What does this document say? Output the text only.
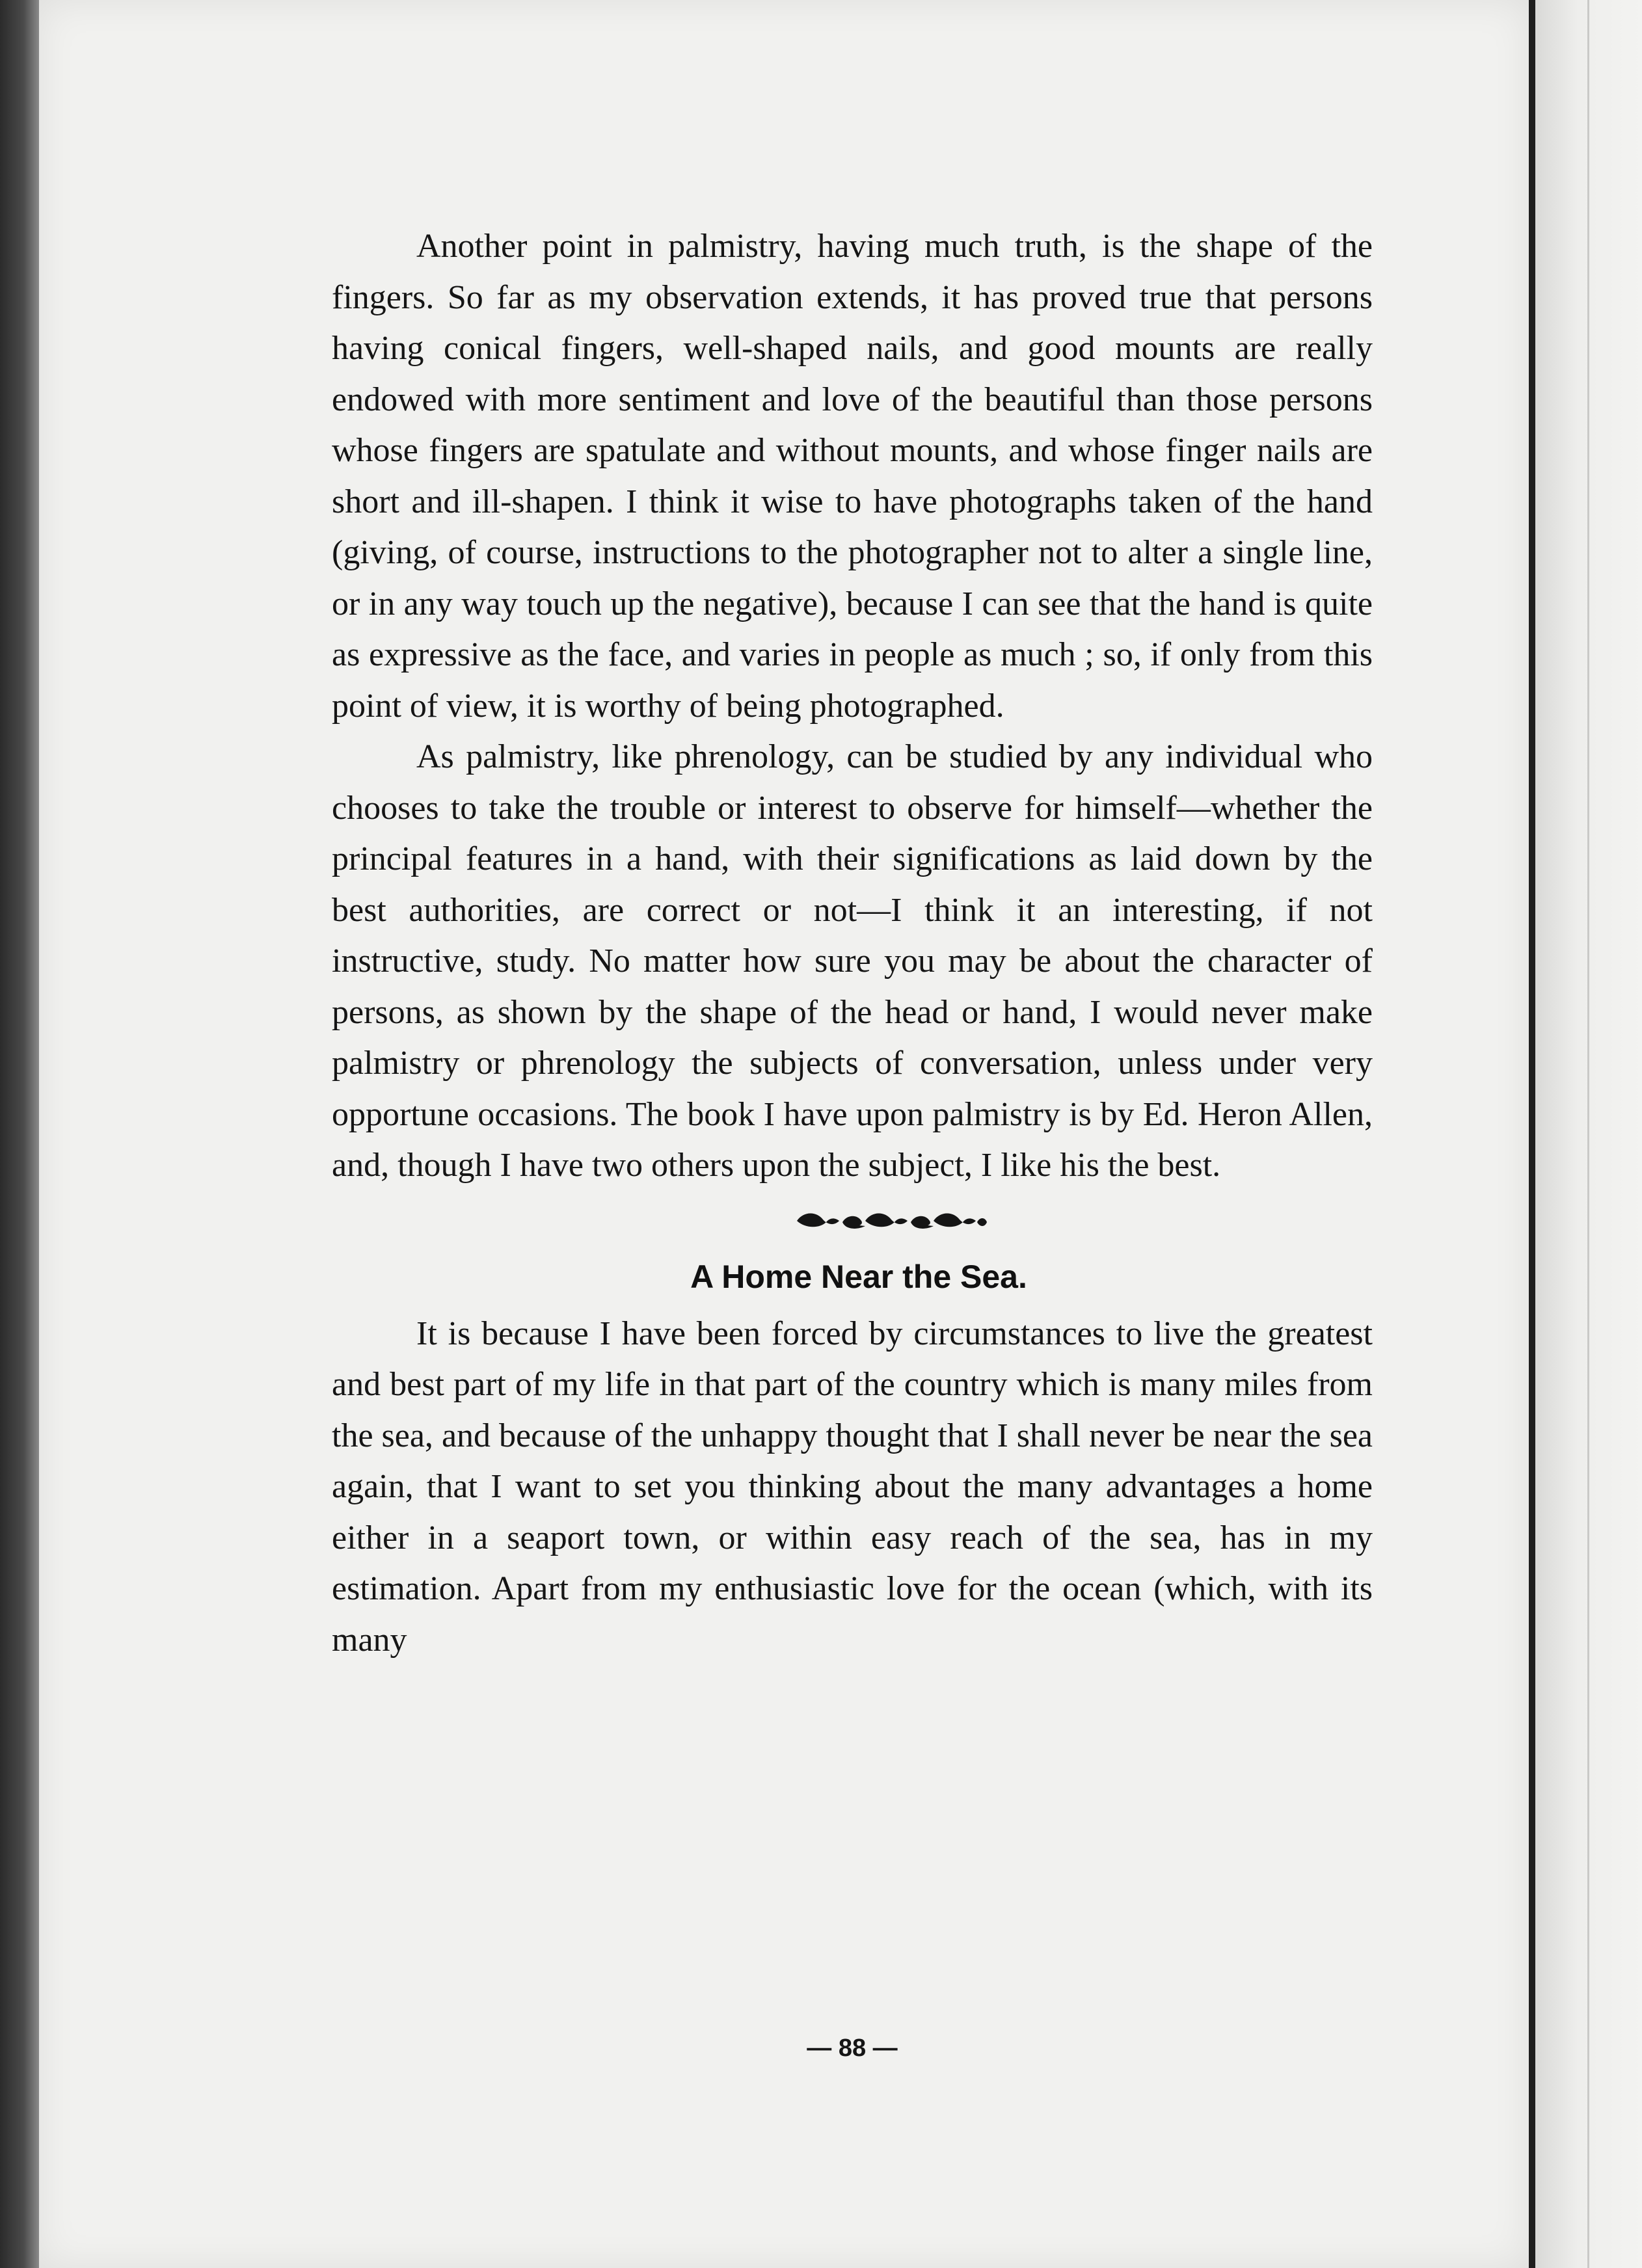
Another point in palmistry, having much truth, is the shape of the fingers. So far as my observation extends, it has proved true that persons having conical fingers, well-shaped nails, and good mounts are really endowed with more sentiment and love of the beautiful than those persons whose fingers are spatulate and without mounts, and whose finger nails are short and ill-shapen. I think it wise to have photographs taken of the hand (giving, of course, instructions to the photographer not to alter a single line, or in any way touch up the negative), because I can see that the hand is quite as expressive as the face, and varies in people as much ; so, if only from this point of view, it is worthy of being photographed.

As palmistry, like phrenology, can be studied by any individual who chooses to take the trouble or interest to observe for himself—whether the principal features in a hand, with their significations as laid down by the best authorities, are correct or not—I think it an interesting, if not instructive, study. No matter how sure you may be about the character of persons, as shown by the shape of the head or hand, I would never make palmistry or phrenology the subjects of conversation, unless under very opportune occasions. The book I have upon palmistry is by Ed. Heron Allen, and, though I have two others upon the subject, I like his the best.

A Home Near the Sea.

It is because I have been forced by circumstances to live the greatest and best part of my life in that part of the country which is many miles from the sea, and because of the unhappy thought that I shall never be near the sea again, that I want to set you thinking about the many advantages a home either in a seaport town, or within easy reach of the sea, has in my estimation. Apart from my enthusiastic love for the ocean (which, with its many

— 88 —
